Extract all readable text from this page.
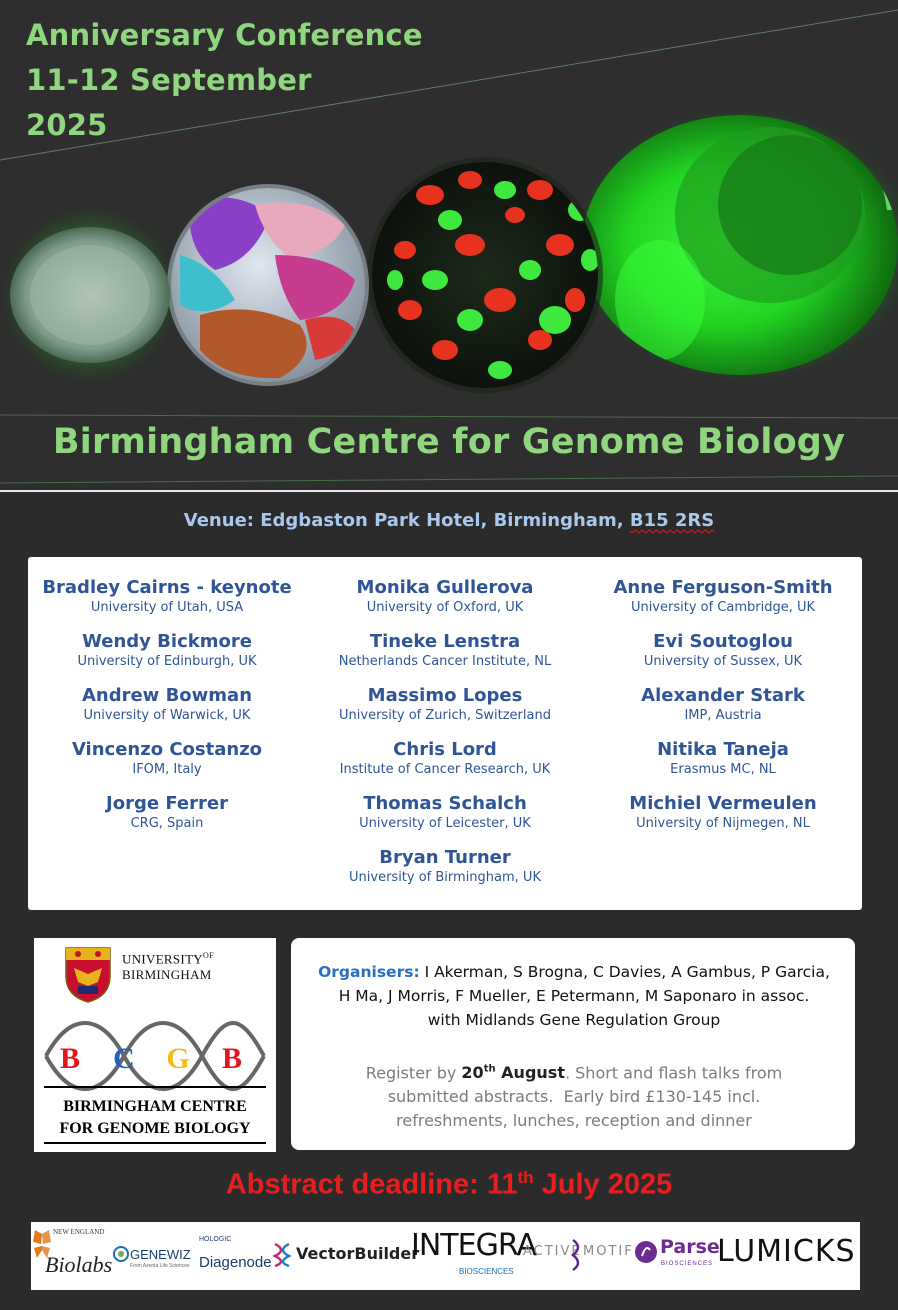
Anniversary Conference

11-12 September

2025

Birmingham Centre for Genome Biology

Venue: Edgbaston Park Hotel, Birmingham, B15 2RS
Bradley Cairns - keynote
University of Utah, USA
Wendy Bickmore
University of Edinburgh, UK
Andrew Bowman
University of Warwick, UK
Vincenzo Costanzo
IFOM, Italy
Jorge Ferrer
CRG, Spain
Monika Gullerova
University of Oxford, UK
Tineke Lenstra
Netherlands Cancer Institute, NL
Massimo Lopes
University of Zurich, Switzerland
Chris Lord
Institute of Cancer Research, UK
Thomas Schalch
University of Leicester, UK
Bryan Turner
University of Birmingham, UK
Anne Ferguson-Smith
University of Cambridge, UK
Evi Soutoglou
University of Sussex, UK
Alexander Stark
IMP, Austria
Nitika Taneja
Erasmus MC, NL
Michiel Vermeulen
University of Nijmegen, NL
$UNIVERSITY^{OF}$
BIRMINGHAM
B C G B
BIRMINGHAM CENTRE
FOR GENOME BIOLOGY
Organisers: I Akerman, S Brogna, C Davies, A Gambus, P Garcia,
H Ma, J Morris, F Mueller, E Petermann, M Saponaro in assoc.
with Midlands Gene Regulation Group
Register by 20th August. Short and flash talks from
submitted abstracts.  Early bird £130-145 incl.
refreshments, lunches, reception and dinner
Abstract deadline: 11th July 2025
NEW ENGLAND
Biolabs GENEWIZ
From Azenta Life Sciences
HOLOGIC
Diagenode VectorBuilder
INTEGRA
BIOSCIENCES
ACTIVE MOTIF Parse
BIOSCIENCES LUMICKS
